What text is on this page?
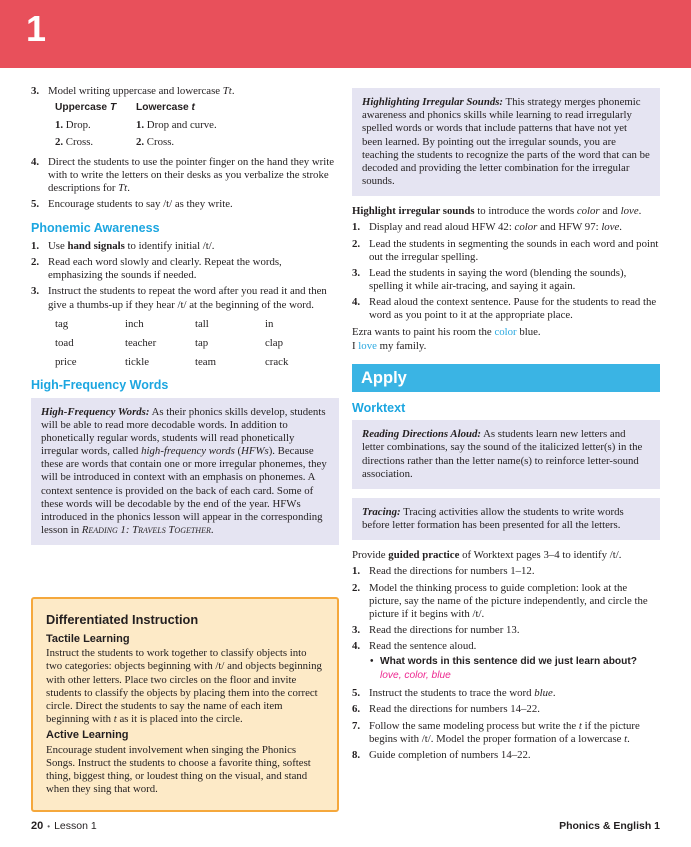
1
3. Model writing uppercase and lowercase Tt.
Uppercase T	Lowercase t
1. Drop.	1. Drop and curve.
2. Cross.	2. Cross.
4. Direct the students to use the pointer finger on the hand they write with to write the letters on their desks as you verbalize the stroke descriptions for Tt.
5. Encourage students to say /t/ as they write.
Phonemic Awareness
1. Use hand signals to identify initial /t/.
2. Read each word slowly and clearly. Repeat the words, emphasizing the sounds if needed.
3. Instruct the students to repeat the word after you read it and then give a thumbs-up if they hear /t/ at the beginning of the word.
tag	inch	tall	in
toad	teacher	tap	clap
price	tickle	team	crack
High-Frequency Words
High-Frequency Words: As their phonics skills develop, students will be able to read more decodable words. In addition to phonetically regular words, students will read phonetically irregular words, called high-frequency words (HFWs). Because these are words that contain one or more irregular phonemes, they will be introduced in context with an emphasis on phonemes. A context sentence is provided on the back of each card. Some of these words will be decodable by the end of the year. HFWs introduced in the phonics lesson will appear in the corresponding lesson in Reading 1: Travels Together.
Differentiated Instruction
Tactile Learning
Instruct the students to work together to classify objects into two categories: objects beginning with /t/ and objects beginning with other letters. Place two circles on the floor and invite students to classify the objects by placing them into the correct circle. Direct the students to say the name of each item beginning with t as it is placed into the circle.
Active Learning
Encourage student involvement when singing the Phonics Songs. Instruct the students to choose a favorite thing, softest thing, biggest thing, or loudest thing on the visual, and stand when they sing that word.
Highlighting Irregular Sounds: This strategy merges phonemic awareness and phonics skills while learning to read irregularly spelled words or words that include patterns that have not yet been learned. By pointing out the irregular sounds, you are teaching the students to recognize the parts of the word that can be decoded and providing the letter combination for the irregular sounds.
Highlight irregular sounds to introduce the words color and love.
1. Display and read aloud HFW 42: color and HFW 97: love.
2. Lead the students in segmenting the sounds in each word and point out the irregular spelling.
3. Lead the students in saying the word (blending the sounds), spelling it while air-tracing, and saying it again.
4. Read aloud the context sentence. Pause for the students to read the word as you point to it at the appropriate place.
Ezra wants to paint his room the color blue.
I love my family.
Apply
Worktext
Reading Directions Aloud: As students learn new letters and letter combinations, say the sound of the italicized letter(s) in the directions rather than the letter name(s) to reinforce letter-sound association.
Tracing: Tracing activities allow the students to write words before letter formation has been presented for all the letters.
Provide guided practice of Worktext pages 3–4 to identify /t/.
1. Read the directions for numbers 1–12.
2. Model the thinking process to guide completion: look at the picture, say the name of the picture independently, and circle the picture if it begins with /t/.
3. Read the directions for number 13.
4. Read the sentence aloud.
• What words in this sentence did we just learn about? love, color, blue
5. Instruct the students to trace the word blue.
6. Read the directions for numbers 14–22.
7. Follow the same modeling process but write the t if the picture begins with /t/. Model the proper formation of a lowercase t.
8. Guide completion of numbers 14–22.
20 • Lesson 1	Phonics & English 1
